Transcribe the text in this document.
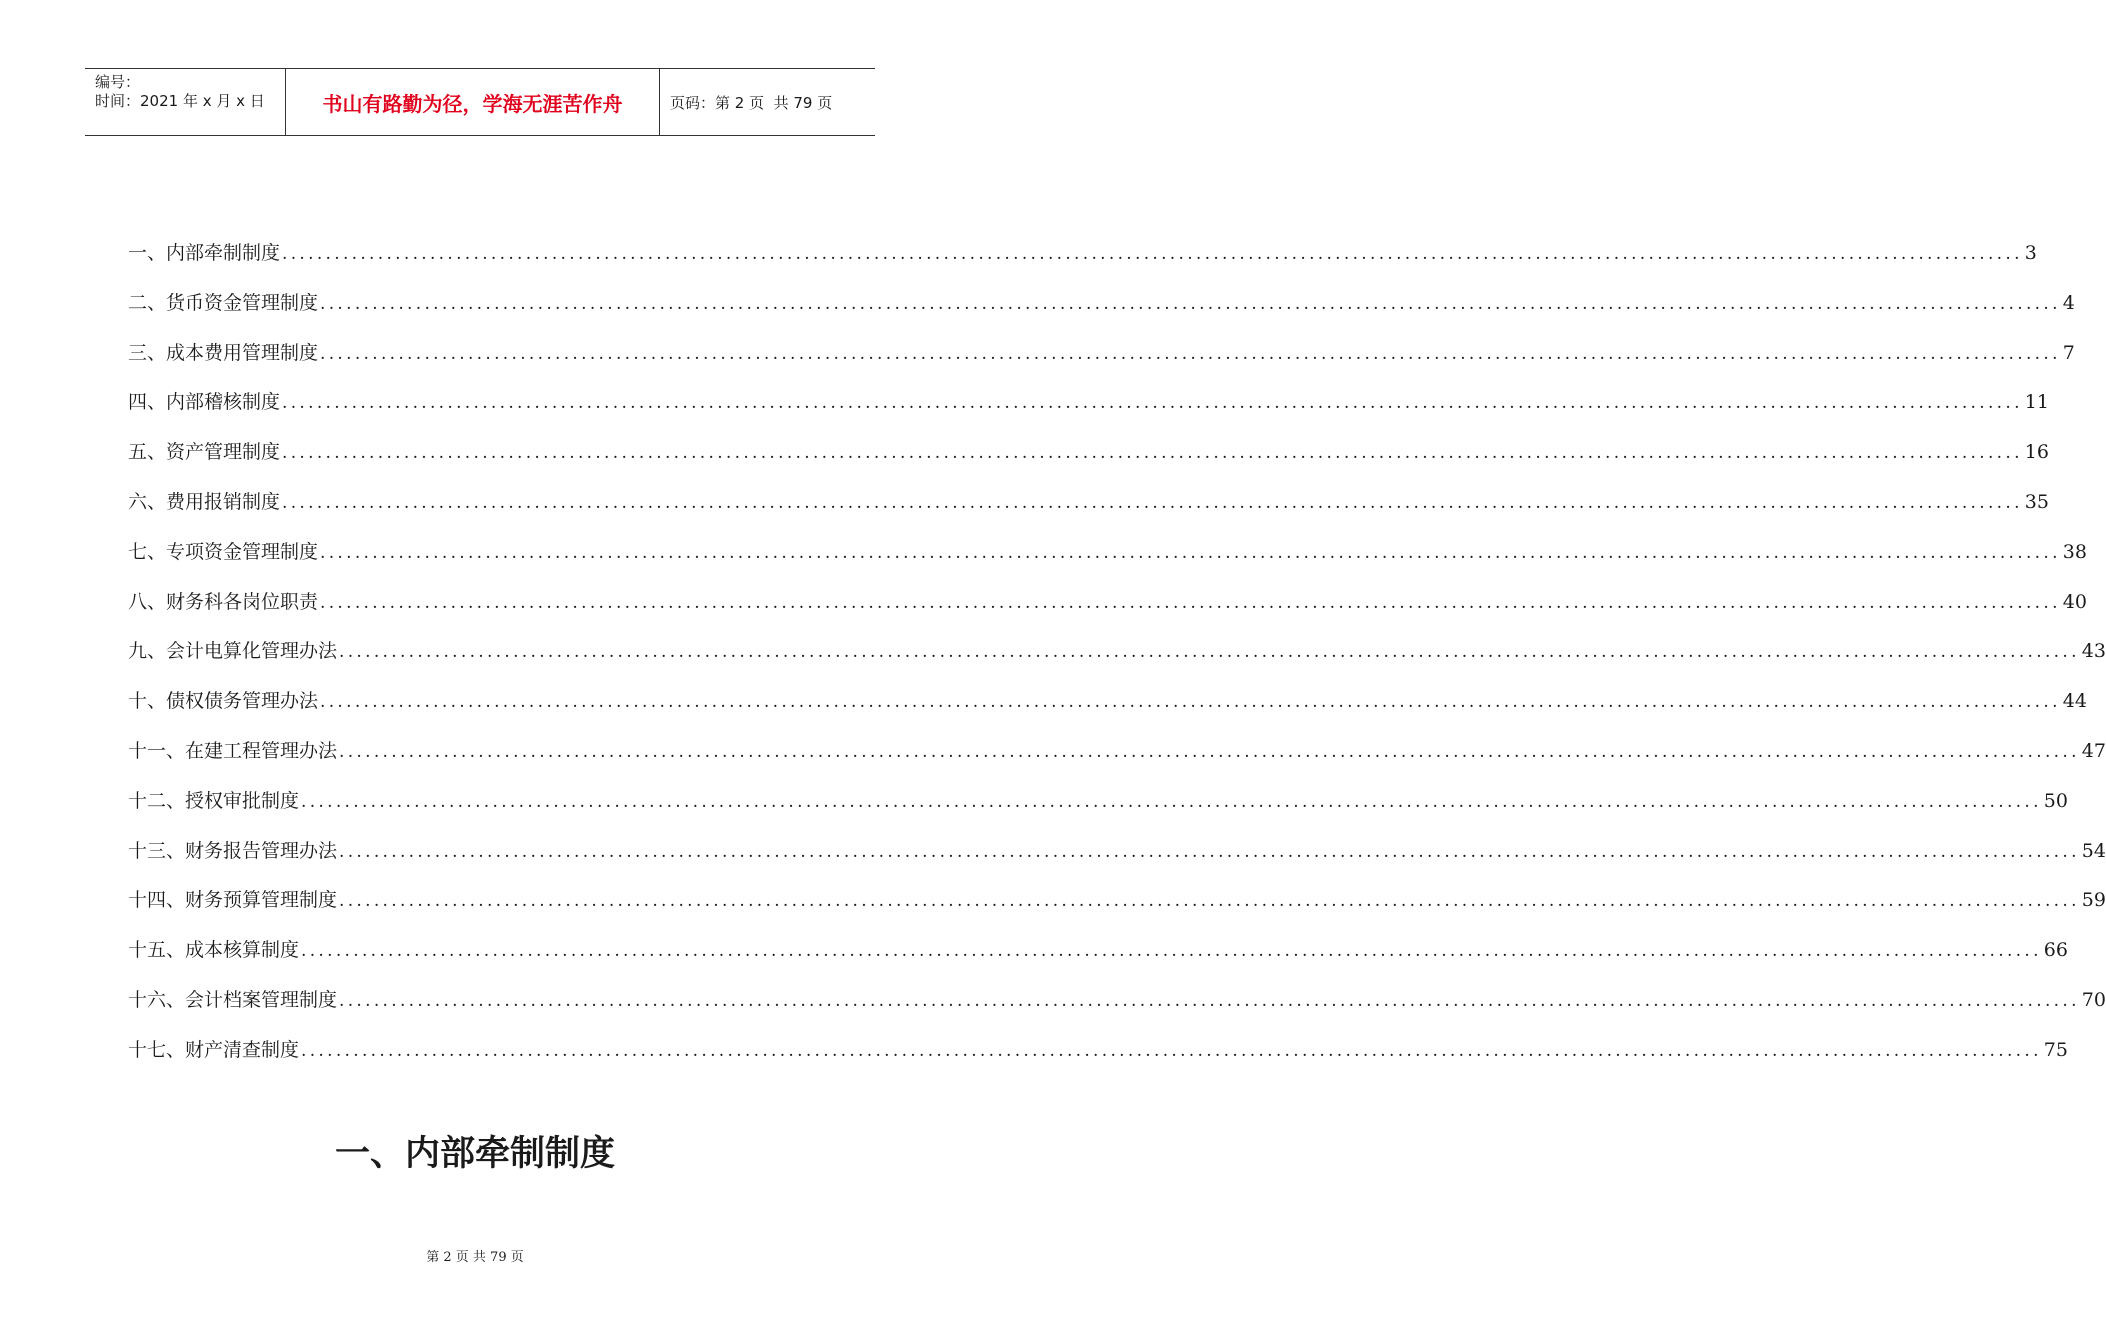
编号：
时间：2021 年 x 月 x 日	书山有路勤为径，学海无涯苦作舟	页码：第 2 页  共 79 页
一、内部牵制制度 ........................................................................................................................................................................................................ 3
二、货币资金管理制度 ........................................................................................................................................................................................................ 4
三、成本费用管理制度 ........................................................................................................................................................................................................ 7
四、内部稽核制度 ........................................................................................................................................................................................................ 11
五、资产管理制度 ........................................................................................................................................................................................................ 16
六、费用报销制度 ........................................................................................................................................................................................................ 35
七、专项资金管理制度 ........................................................................................................................................................................................................ 38
八、财务科各岗位职责 ........................................................................................................................................................................................................ 40
九、会计电算化管理办法 ........................................................................................................................................................................................................ 43
十、债权债务管理办法 ........................................................................................................................................................................................................ 44
十一、在建工程管理办法 ........................................................................................................................................................................................................ 47
十二、授权审批制度 ........................................................................................................................................................................................................ 50
十三、财务报告管理办法 ........................................................................................................................................................................................................ 54
十四、财务预算管理制度 ........................................................................................................................................................................................................ 59
十五、成本核算制度 ........................................................................................................................................................................................................ 66
十六、会计档案管理制度 ........................................................................................................................................................................................................ 70
十七、财产清查制度 ........................................................................................................................................................................................................ 75
一、内部牵制制度
第 2 页 共 79 页
